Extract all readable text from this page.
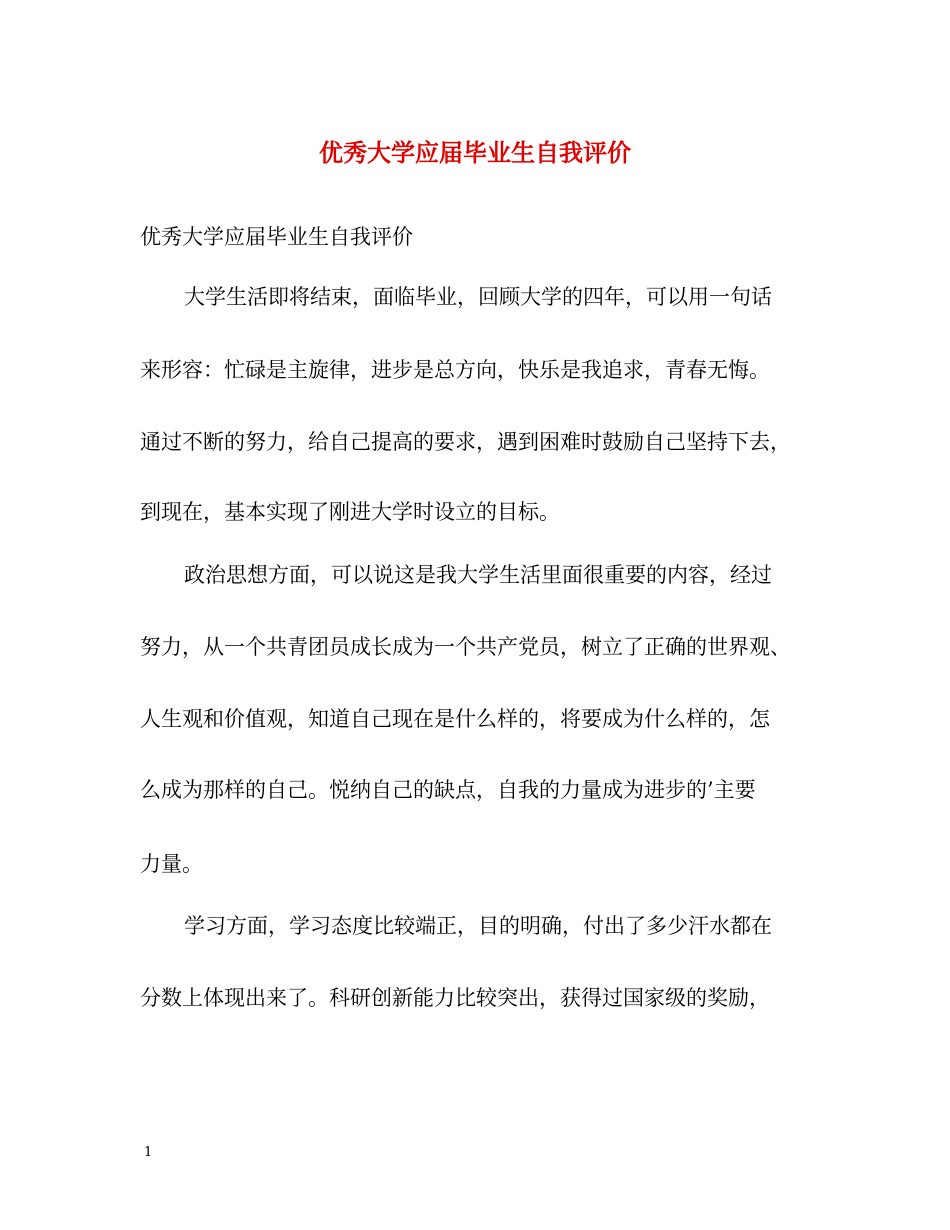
优秀大学应届毕业生自我评价
优秀大学应届毕业生自我评价
大学生活即将结束，面临毕业，回顾大学的四年，可以用一句话
来形容：忙碌是主旋律，进步是总方向，快乐是我追求，青春无悔。
通过不断的努力，给自己提高的要求，遇到困难时鼓励自己坚持下去，
到现在，基本实现了刚进大学时设立的目标。
政治思想方面，可以说这是我大学生活里面很重要的内容，经过
努力，从一个共青团员成长成为一个共产党员，树立了正确的世界观、
人生观和价值观，知道自己现在是什么样的，将要成为什么样的，怎
么成为那样的自己。悦纳自己的缺点，自我的力量成为进步的’主要
力量。
学习方面，学习态度比较端正，目的明确，付出了多少汗水都在
分数上体现出来了。科研创新能力比较突出，获得过国家级的奖励，
1
